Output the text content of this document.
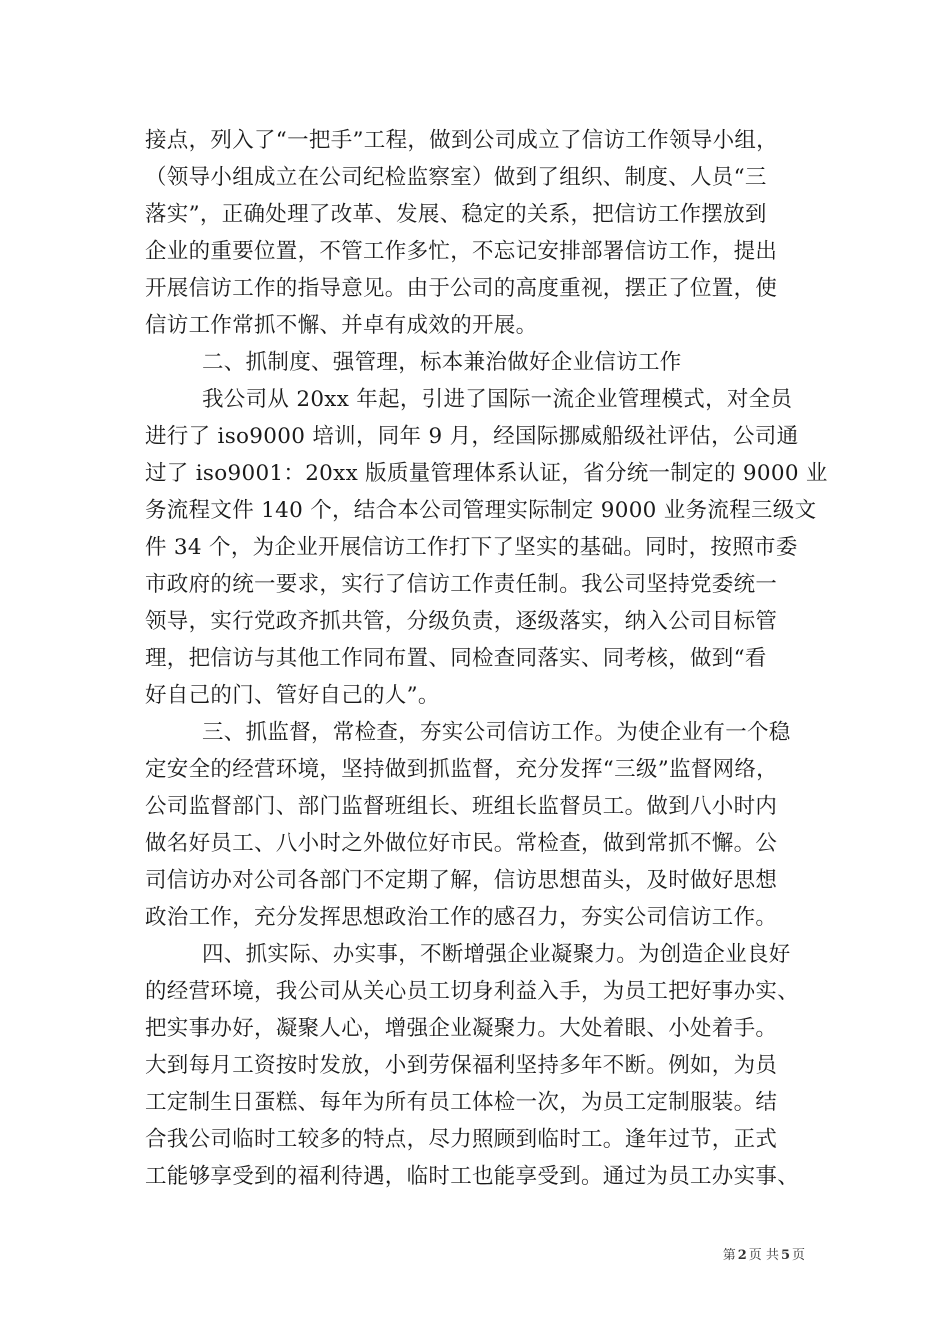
接点，列入了“一把手”工程，做到公司成立了信访工作领导小组，
（领导小组成立在公司纪检监察室）做到了组织、制度、人员“三
落实”，正确处理了改革、发展、稳定的关系，把信访工作摆放到
企业的重要位置，不管工作多忙，不忘记安排部署信访工作，提出
开展信访工作的指导意见。由于公司的高度重视，摆正了位置，使
信访工作常抓不懈、并卓有成效的开展。
二、抓制度、强管理，标本兼治做好企业信访工作
我公司从 20xx 年起，引进了国际一流企业管理模式，对全员
进行了 iso9000 培训，同年 9 月，经国际挪威船级社评估，公司通
过了 iso9001：20xx 版质量管理体系认证，省分统一制定的 9000 业
务流程文件 140 个，结合本公司管理实际制定 9000 业务流程三级文
件 34 个，为企业开展信访工作打下了坚实的基础。同时，按照市委
市政府的统一要求，实行了信访工作责任制。我公司坚持党委统一
领导，实行党政齐抓共管，分级负责，逐级落实，纳入公司目标管
理，把信访与其他工作同布置、同检查同落实、同考核，做到“看
好自己的门、管好自己的人”。
三、抓监督，常检查，夯实公司信访工作。为使企业有一个稳
定安全的经营环境，坚持做到抓监督，充分发挥“三级”监督网络，
公司监督部门、部门监督班组长、班组长监督员工。做到八小时内
做名好员工、八小时之外做位好市民。常检查，做到常抓不懈。公
司信访办对公司各部门不定期了解，信访思想苗头，及时做好思想
政治工作，充分发挥思想政治工作的感召力，夯实公司信访工作。
四、抓实际、办实事，不断增强企业凝聚力。为创造企业良好
的经营环境，我公司从关心员工切身利益入手，为员工把好事办实、
把实事办好，凝聚人心，增强企业凝聚力。大处着眼、小处着手。
大到每月工资按时发放，小到劳保福利坚持多年不断。例如，为员
工定制生日蛋糕、每年为所有员工体检一次，为员工定制服装。结
合我公司临时工较多的特点，尽力照顾到临时工。逢年过节，正式
工能够享受到的福利待遇，临时工也能享受到。通过为员工办实事、
第 2 页 共 5 页
